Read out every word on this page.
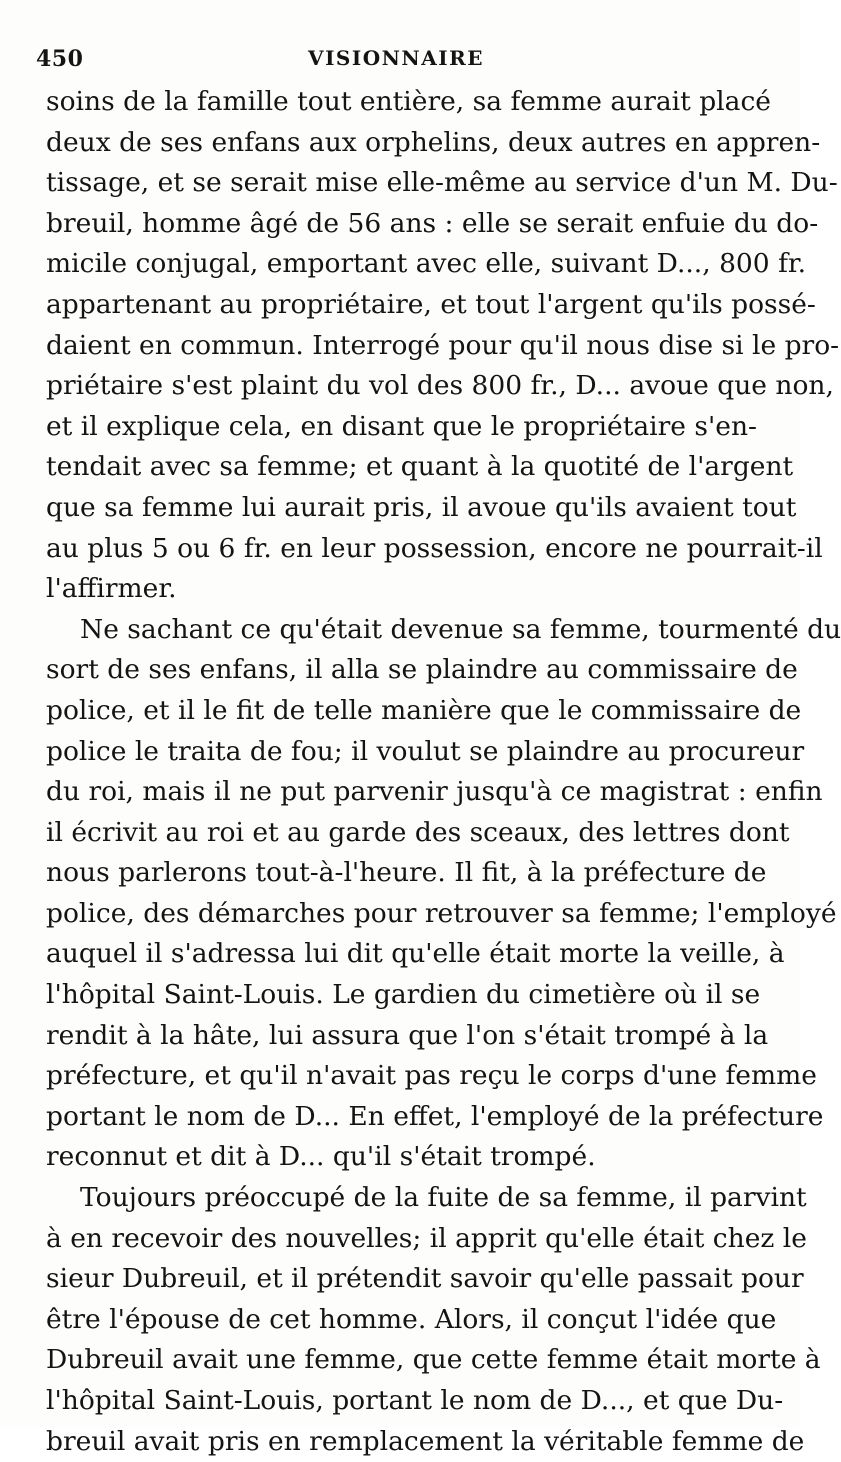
450	VISIONNAIRE
soins de la famille tout entière, sa femme aurait placé
deux de ses enfans aux orphelins, deux autres en appren-
tissage, et se serait mise elle-même au service d'un M. Du-
breuil, homme âgé de 56 ans : elle se serait enfuie du do-
micile conjugal, emportant avec elle, suivant D..., 800 fr.
appartenant au propriétaire, et tout l'argent qu'ils possé-
daient en commun. Interrogé pour qu'il nous dise si le pro-
priétaire s'est plaint du vol des 800 fr., D... avoue que non,
et il explique cela, en disant que le propriétaire s'en-
tendait avec sa femme; et quant à la quotité de l'argent
que sa femme lui aurait pris, il avoue qu'ils avaient tout
au plus 5 ou 6 fr. en leur possession, encore ne pourrait-il
l'affirmer.
Ne sachant ce qu'était devenue sa femme, tourmenté du
sort de ses enfans, il alla se plaindre au commissaire de
police, et il le fit de telle manière que le commissaire de
police le traita de fou; il voulut se plaindre au procureur
du roi, mais il ne put parvenir jusqu'à ce magistrat : enfin
il écrivit au roi et au garde des sceaux, des lettres dont
nous parlerons tout-à-l'heure. Il fit, à la préfecture de
police, des démarches pour retrouver sa femme; l'employé
auquel il s'adressa lui dit qu'elle était morte la veille, à
l'hôpital Saint-Louis. Le gardien du cimetière où il se
rendit à la hâte, lui assura que l'on s'était trompé à la
préfecture, et qu'il n'avait pas reçu le corps d'une femme
portant le nom de D... En effet, l'employé de la préfecture
reconnut et dit à D... qu'il s'était trompé.
Toujours préoccupé de la fuite de sa femme, il parvint
à en recevoir des nouvelles; il apprit qu'elle était chez le
sieur Dubreuil, et il prétendit savoir qu'elle passait pour
être l'épouse de cet homme. Alors, il conçut l'idée que
Dubreuil avait une femme, que cette femme était morte à
l'hôpital Saint-Louis, portant le nom de D..., et que Du-
breuil avait pris en remplacement la véritable femme de
